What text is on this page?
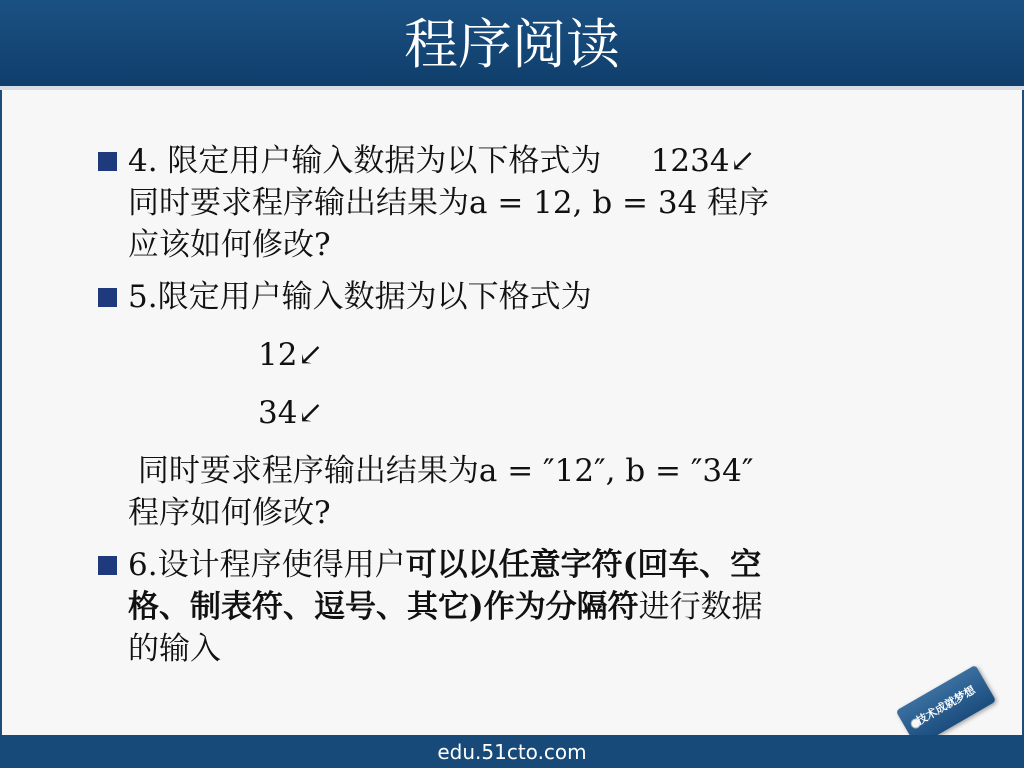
程序阅读
4. 限定用户输入数据为以下格式为     1234↙
同时要求程序输出结果为a = 12, b = 34 程序
应该如何修改?
5.限定用户输入数据为以下格式为
12↙
34↙
同时要求程序输出结果为a = ″12″, b = ″34″
程序如何修改?
6.设计程序使得用户可以以任意字符(回车、空
格、制表符、逗号、其它)作为分隔符进行数据
的输入
技术成就梦想
edu.51cto.com
